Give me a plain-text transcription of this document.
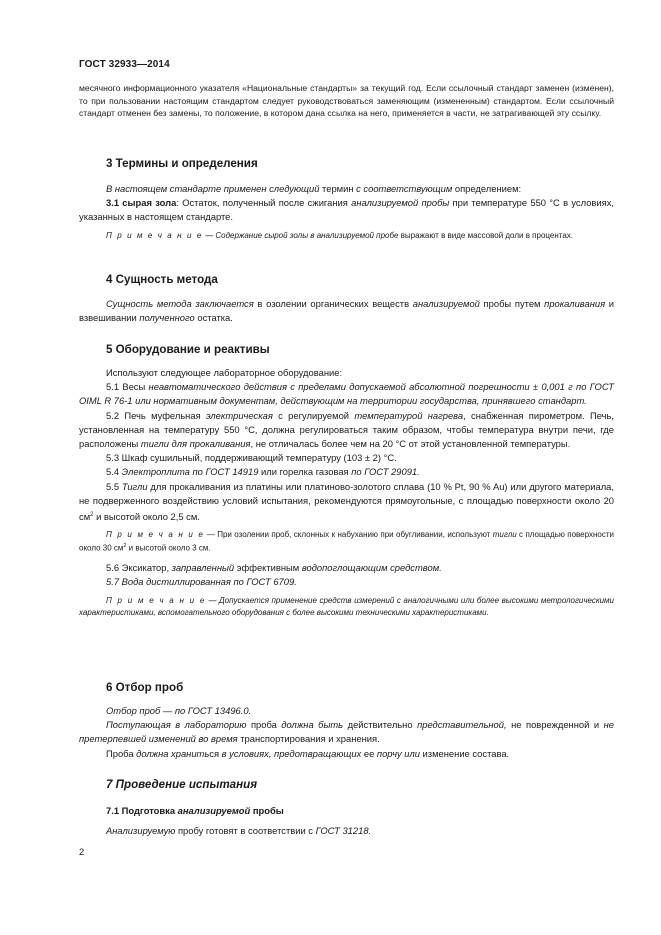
ГОСТ 32933—2014

месячного информационного указателя «Национальные стандарты» за текущий год. Если ссылочный стандарт заменен (изменен), то при пользовании настоящим стандартом следует руководствоваться заменяющим (измененным) стандартом. Если ссылочный стандарт отменен без замены, то положение, в котором дана ссылка на него, применяется в части, не затрагивающей эту ссылку.

3 Термины и определения

В настоящем стандарте применен следующий термин с соответствующим определением:

3.1 сырая зола: Остаток, полученный после сжигания анализируемой пробы при температуре 550 °С в условиях, указанных в настоящем стандарте.

П р и м е ч а н и е — Содержание сырой золы в анализируемой пробе выражают в виде массовой доли в процентах.

4 Сущность метода

Сущность метода заключается в озолении органических веществ анализируемой пробы путем прокаливания и взвешивании полученного остатка.

5 Оборудование и реактивы

Используют следующее лабораторное оборудование:

5.1 Весы неавтоматического действия с пределами допускаемой абсолютной погрешности ± 0,001 г по ГОСТ OIML R 76-1 или нормативным документам, действующим на территории государства, принявшего стандарт.

5.2 Печь муфельная электрическая с регулируемой температурой нагрева, снабженная пирометром. Печь, установленная на температуру 550 °С, должна регулироваться таким образом, чтобы температура внутри печи, где расположены тигли для прокаливания, не отличалась более чем на 20 °С от этой установленной температуры.

5.3 Шкаф сушильный, поддерживающий температуру (103 ± 2) °С.

5.4 Электроплита по ГОСТ 14919 или горелка газовая по ГОСТ 29091.

5.5 Тигли для прокаливания из платины или платиново-золотого сплава (10 % Pt, 90 % Au) или другого материала, не подверженного воздействию условий испытания, рекомендуются прямоугольные, с площадью поверхности около 20 $см^2$ и высотой около 2,5 см.

П р и м е ч а н и е — При озолении проб, склонных к набуханию при обугливании, используют тигли с площадью поверхности около 30 $см^2$ и высотой около 3 см.

5.6 Эксикатор, заправленный эффективным водопоглощающим средством.

5.7 Вода дистиллированная по ГОСТ 6709.

П р и м е ч а н и е — Допускается применение средств измерений с аналогичными или более высокими метрологическими характеристиками, вспомогательного оборудования с более высокими техническими характеристиками.

6 Отбор проб

Отбор проб — по ГОСТ 13496.0.

Поступающая в лабораторию проба должна быть действительно представительной, не поврежденной и не претерпевшей изменений во время транспортирования и хранения.

Проба должна храниться в условиях, предотвращающих ее порчу или изменение состава.

7 Проведение испытания
7.1 Подготовка анализируемой пробы

Анализируемую пробу готовят в соответствии с ГОСТ 31218.

2
